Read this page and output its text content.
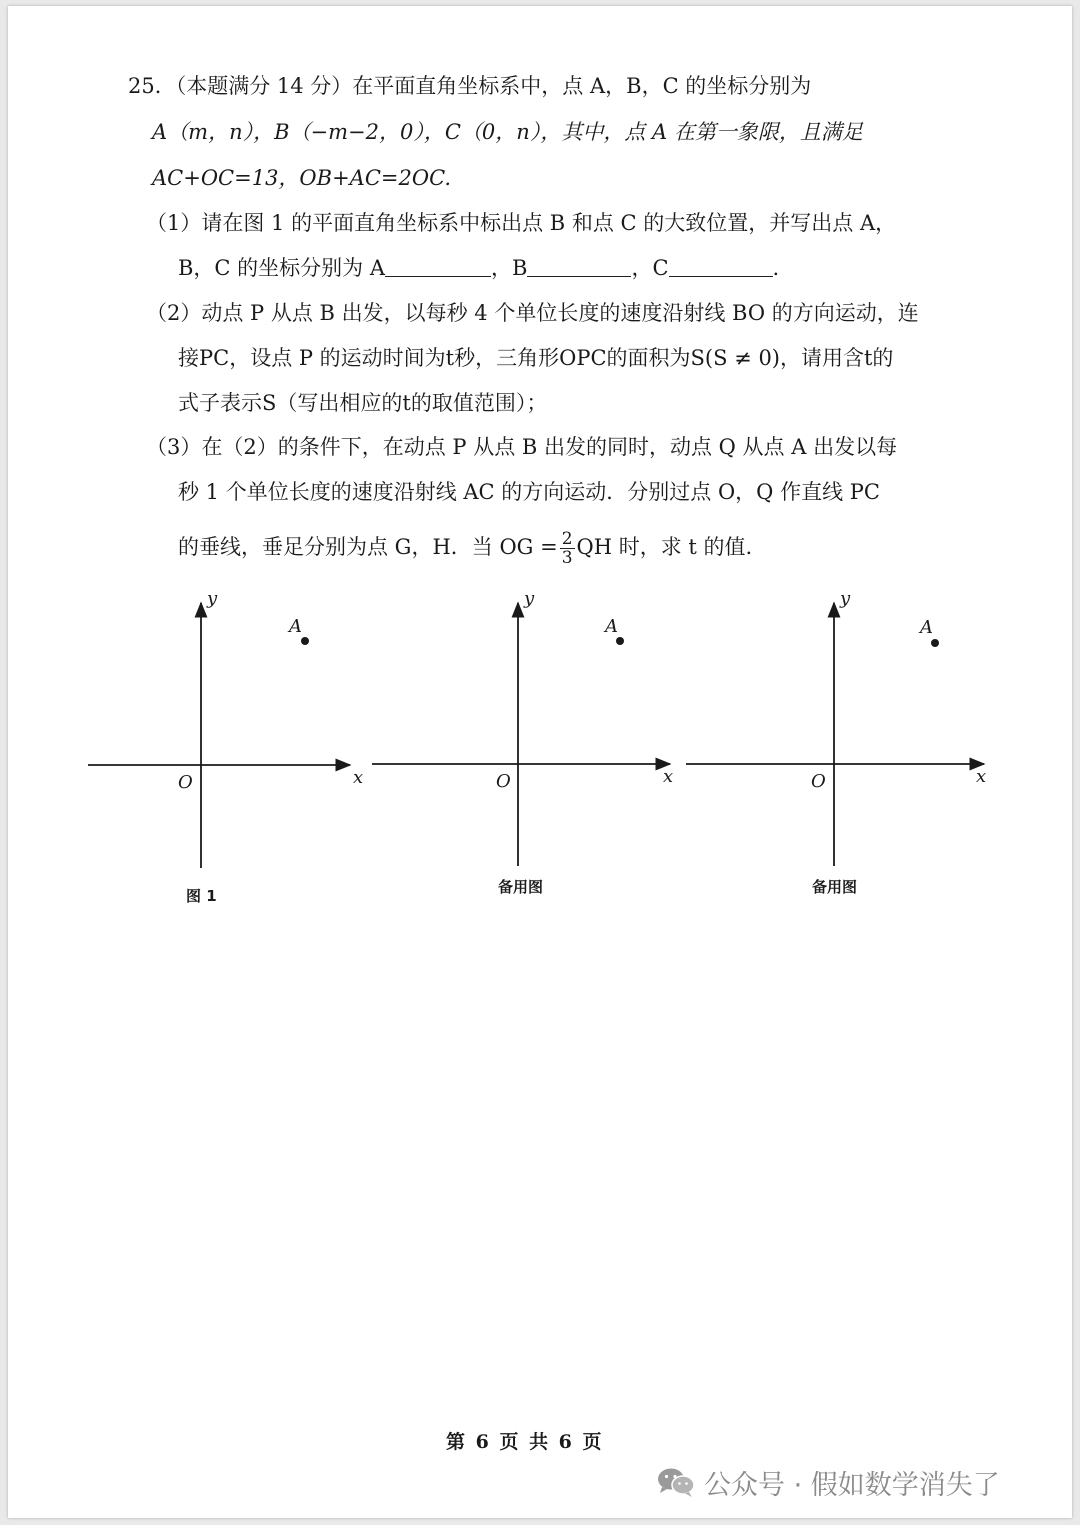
25．（本题满分 14 分）在平面直角坐标系中，点 A，B，C 的坐标分别为
A（m，n），B（−m−2，0），C（0，n），其中，点 A 在第一象限，且满足
AC+OC=13，OB+AC=2OC.
（1）请在图 1 的平面直角坐标系中标出点 B 和点 C 的大致位置，并写出点 A，
B，C 的坐标分别为 A	，B	，C	.
（2）动点 P 从点 B 出发，以每秒 4 个单位长度的速度沿射线 BO 的方向运动，连
接PC，设点 P 的运动时间为t秒，三角形OPC的面积为S(S ≠ 0)，请用含t的
式子表示S（写出相应的t的取值范围）；
（3）在（2）的条件下，在动点 P 从点 B 出发的同时，动点 Q 从点 A 出发以每
秒 1 个单位长度的速度沿射线 AC 的方向运动．分别过点 O，Q 作直线 PC
的垂线，垂足分别为点 G，H．当 OG = $\frac{2}{3}$ QH 时，求 t 的值.
x
y
O
A
x
y
O
A
x
y
O
A
图 1	备用图	备用图
第 6 页 共 6 页
公众号 · 假如数学消失了
